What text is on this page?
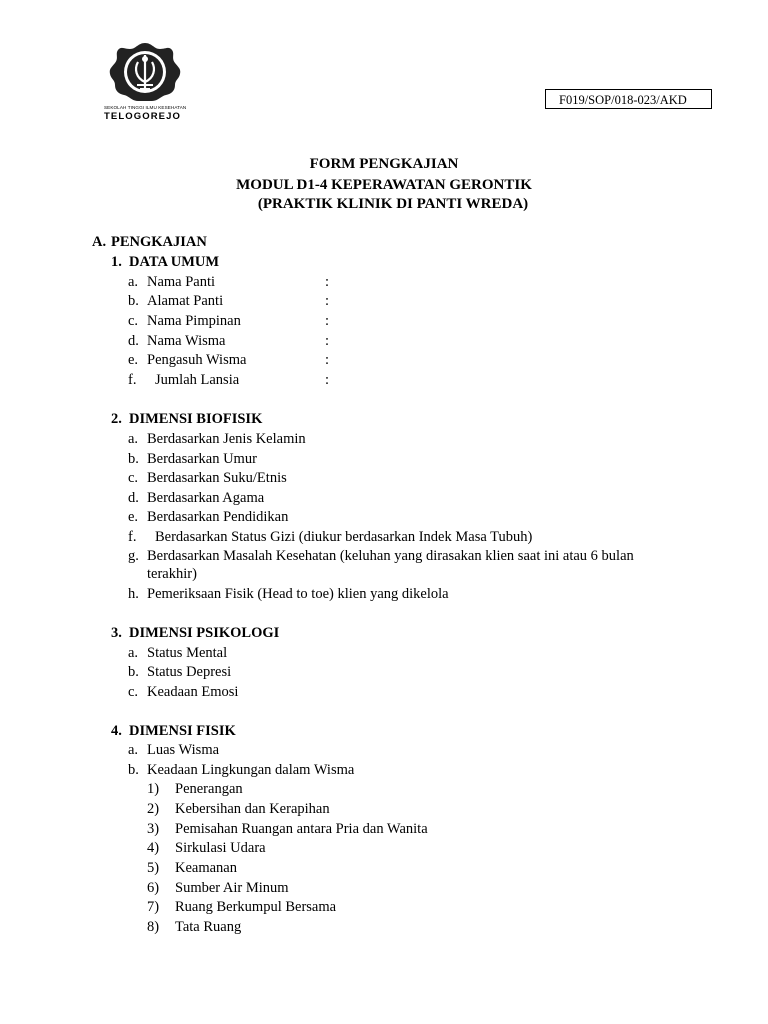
SEKOLAH TINGGI ILMU KESEHATAN
TELOGOREJO
F019/SOP/018-023/AKD
FORM PENGKAJIAN
MODUL D1-4 KEPERAWATAN GERONTIK
(PRAKTIK KLINIK DI PANTI WREDA)
A. PENGKAJIAN
1. DATA UMUM
a. Nama Panti	:
b. Alamat Panti	:
c. Nama Pimpinan	:
d. Nama Wisma	:
e. Pengasuh Wisma	:
f. Jumlah Lansia	:
2. DIMENSI BIOFISIK
a. Berdasarkan Jenis Kelamin
b. Berdasarkan Umur
c. Berdasarkan Suku/Etnis
d. Berdasarkan Agama
e. Berdasarkan Pendidikan
f. Berdasarkan Status Gizi (diukur berdasarkan Indek Masa Tubuh)
g. Berdasarkan Masalah Kesehatan (keluhan yang dirasakan klien saat ini atau 6 bulan
terakhir)
h. Pemeriksaan Fisik (Head to toe) klien yang dikelola
3. DIMENSI PSIKOLOGI
a. Status Mental
b. Status Depresi
c. Keadaan Emosi
4. DIMENSI FISIK
a. Luas Wisma
b. Keadaan Lingkungan dalam Wisma
1) Penerangan
2) Kebersihan dan Kerapihan
3) Pemisahan Ruangan antara Pria dan Wanita
4) Sirkulasi Udara
5) Keamanan
6) Sumber Air Minum
7) Ruang Berkumpul Bersama
8) Tata Ruang
